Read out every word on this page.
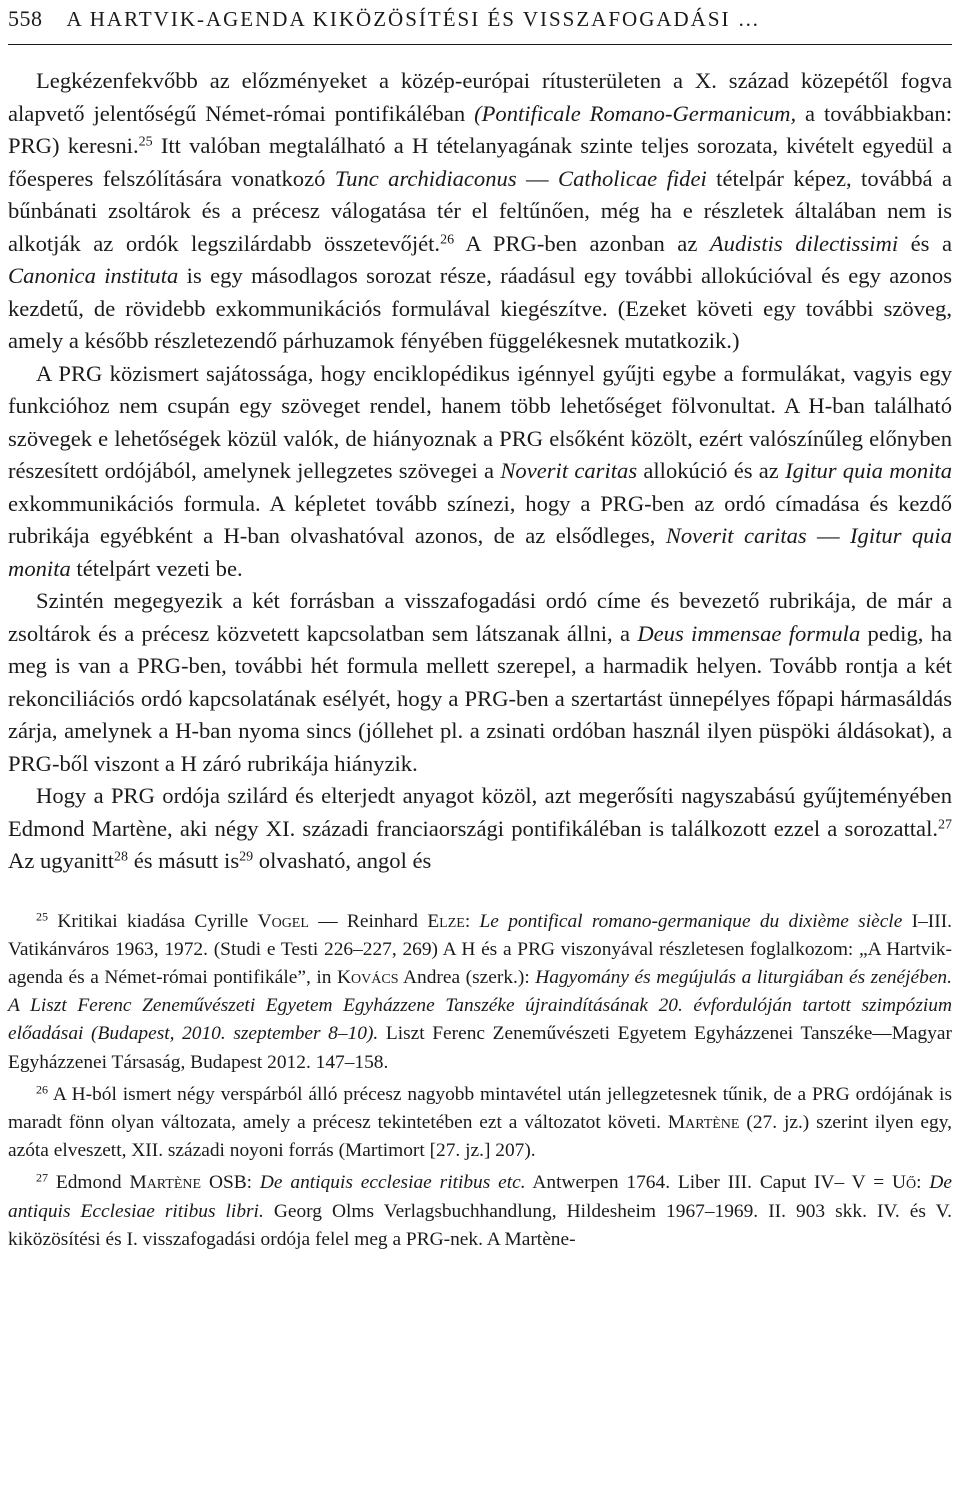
558 A HARTVIK-AGENDA KIKÖZÖSÍTÉSI ÉS VISSZAFOGADÁSI …

Legkézenfekvőbb az előzményeket a közép-európai rítusterületen a X. század közepétől fogva alapvető jelentőségű Német-római pontifikáléban (Pontificale Romano-Germanicum, a továbbiakban: PRG) keresni.$^{25}$ Itt valóban megtalálható a H tételanyagának szinte teljes sorozata, kivételt egyedül a főesperes felszólítására vonatkozó Tunc archidiaconus — Catholicae fidei tételpár képez, továbbá a bűnbánati zsoltárok és a précesz válogatása tér el feltűnően, még ha e részletek általában nem is alkotják az ordók legszilárdabb összetevőjét.$^{26}$ A PRG-ben azonban az Audistis dilectissimi és a Canonica instituta is egy másodlagos sorozat része, ráadásul egy további allokúcióval és egy azonos kezdetű, de rövidebb exkommunikációs formulával kiegészítve. (Ezeket követi egy további szöveg, amely a később részletezendő párhuzamok fényében függelékesnek mutatkozik.)

A PRG közismert sajátossága, hogy enciklopédikus igénnyel gyűjti egybe a formulákat, vagyis egy funkcióhoz nem csupán egy szöveget rendel, hanem több lehetőséget fölvonultat. A H-ban található szövegek e lehetőségek közül valók, de hiányoznak a PRG elsőként közölt, ezért valószínűleg előnyben részesített ordójából, amelynek jellegzetes szövegei a Noverit caritas allokúció és az Igitur quia monita exkommunikációs formula. A képletet tovább színezi, hogy a PRG-ben az ordó címadása és kezdő rubrikája egyébként a H-ban olvashatóval azonos, de az elsődleges, Noverit caritas — Igitur quia monita tételpárt vezeti be.

Szintén megegyezik a két forrásban a visszafogadási ordó címe és bevezető rubrikája, de már a zsoltárok és a précesz közvetett kapcsolatban sem látszanak állni, a Deus immensae formula pedig, ha meg is van a PRG-ben, további hét formula mellett szerepel, a harmadik helyen. Tovább rontja a két rekonciliációs ordó kapcsolatának esélyét, hogy a PRG-ben a szertartást ünnepélyes főpapi hármasáldás zárja, amelynek a H-ban nyoma sincs (jóllehet pl. a zsinati ordóban használ ilyen püspöki áldásokat), a PRG-ből viszont a H záró rubrikája hiányzik.

Hogy a PRG ordója szilárd és elterjedt anyagot közöl, azt megerősíti nagyszabású gyűjteményében Edmond Martène, aki négy XI. századi franciaországi pontifikáléban is találkozott ezzel a sorozattal.$^{27}$ Az ugyanitt$^{28}$ és másutt $is^{29}$ olvasható, angol és

$^{25}$ Kritikai kiadása Cyrille Vogel — Reinhard Elze: Le pontifical romano-germanique du dixième siècle I–III. Vatikánváros 1963, 1972. (Studi e Testi 226–227, 269) A H és a PRG viszonyával részletesen foglalkozom: „A Hartvik-agenda és a Német-római pontifikále”, in Kovács Andrea (szerk.): Hagyomány és megújulás a liturgiában és zenéjében. A Liszt Ferenc Zeneművészeti Egyetem Egyházzene Tanszéke újraindításának 20. évfordulóján tartott szimpózium előadásai (Budapest, 2010. szeptember 8–10). Liszt Ferenc Zeneművészeti Egyetem Egyházzenei Tanszéke—Magyar Egyházzenei Társaság, Budapest 2012. 147–158.

$^{26}$ A H-ból ismert négy verspárból álló précesz nagyobb mintavétel után jellegzetesnek tűnik, de a PRG ordójának is maradt fönn olyan változata, amely a précesz tekintetében ezt a változatot követi. Martène (27. jz.) szerint ilyen egy, azóta elveszett, XII. századi noyoni forrás (Martimort [27. jz.] 207).

$^{27}$ Edmond Martène OSB: De antiquis ecclesiae ritibus etc. Antwerpen 1764. Liber III. Caput IV– V = Uő: De antiquis Ecclesiae ritibus libri. Georg Olms Verlagsbuchhandlung, Hildesheim 1967–1969. II. 903 skk. IV. és V. kiközösítési és I. visszafogadási ordója felel meg a PRG-nek. A Martène-
